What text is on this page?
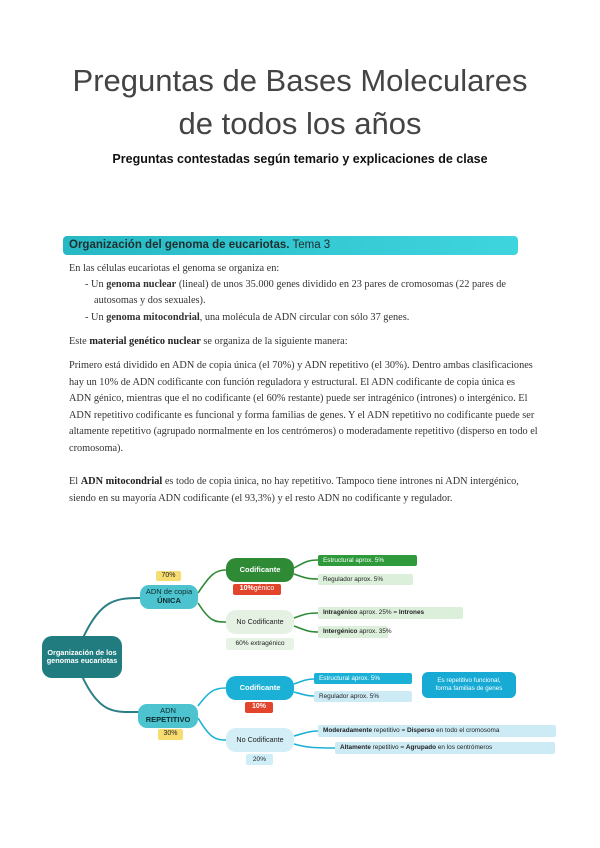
Preguntas de Bases Moleculares
de todos los años
Preguntas contestadas según temario y explicaciones de clase
Organización del genoma de eucariotas. Tema 3
En las células eucariotas el genoma se organiza en:
- Un genoma nuclear (lineal) de unos 35.000 genes dividido en 23 pares de cromosomas (22 pares de autosomas y dos sexuales).
- Un genoma mitocondrial, una molécula de ADN circular con sólo 37 genes.
Este material genético nuclear se organiza de la siguiente manera:
Primero está dividido en ADN de copia única (el 70%) y ADN repetitivo (el 30%). Dentro ambas clasificaciones hay un 10% de ADN codificante con función reguladora y estructural. El ADN codificante de copia única es ADN génico, mientras que el no codificante (el 60% restante) puede ser intragénico (intrones) o intergénico. El ADN repetitivo codificante es funcional y forma familias de genes. Y el ADN repetitivo no codificante puede ser altamente repetitivo (agrupado normalmente en los centrómeros) o moderadamente repetitivo (disperso en todo el cromosoma).
El ADN mitocondrial es todo de copia única, no hay repetitivo. Tampoco tiene intrones ni ADN intergénico, siendo en su mayoría ADN codificante (el 93,3%) y el resto ADN no codificante y regulador.
Organización de los genomas eucariotas
70%
ADN de copia
ÚNICA
Codificante
10% génico
Estructural aprox. 5%
Regulador aprox. 5%
No Codificante
60% extragénico
Intragénico aprox. 25% = Intrones
Intergénico aprox. 35%
ADN
REPETITIVO
30%
Codificante
10%
Estructural aprox. 5%
Regulador aprox. 5%
Es repetitivo funcional,
forma familias de genes
No Codificante
20%
Moderadamente repetitivo = Disperso en todo el cromosoma
Altamente repetitivo = Agrupado en los centrómeros
